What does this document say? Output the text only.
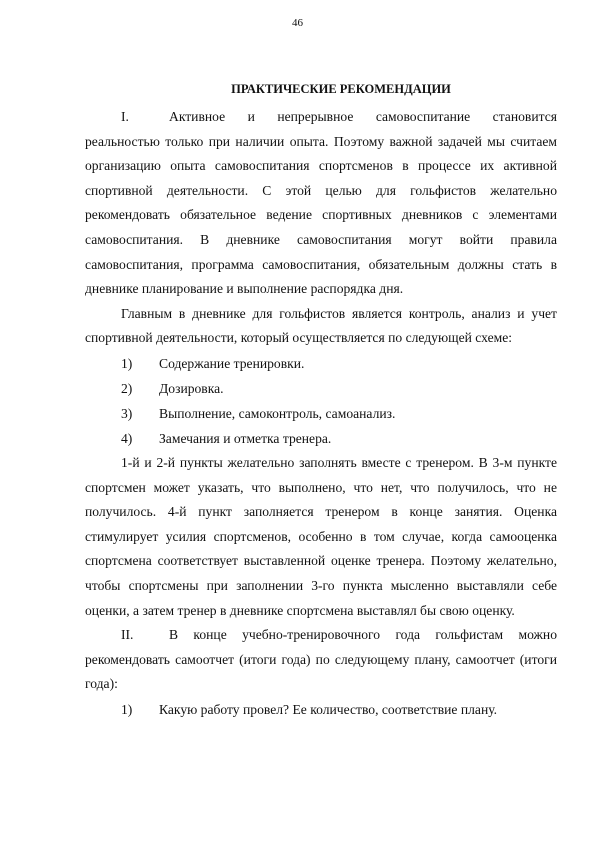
46
ПРАКТИЧЕСКИЕ РЕКОМЕНДАЦИИ

I.	Активное и непрерывное самовоспитание становится реальностью только при наличии опыта. Поэтому важной задачей мы считаем организацию опыта самовоспитания спортсменов в процессе их активной спортивной деятельности. С этой целью для гольфистов желательно рекомендовать обязательное ведение спортивных дневников с элементами самовоспитания. В дневнике самовоспитания могут войти правила самовоспитания, программа самовоспитания, обязательным должны стать в дневнике планирование и выполнение распорядка дня.

Главным в дневнике для гольфистов является контроль, анализ и учет спортивной деятельности, который осуществляется по следующей схеме:

1) Содержание тренировки.
2) Дозировка.
3) Выполнение, самоконтроль, самоанализ.
4) Замечания и отметка тренера.

1-й и 2-й пункты желательно заполнять вместе с тренером. В 3-м пункте спортсмен может указать, что выполнено, что нет, что получилось, что не получилось. 4-й пункт заполняется тренером в конце занятия. Оценка стимулирует усилия спортсменов, особенно в том случае, когда самооценка спортсмена соответствует выставленной оценке тренера. Поэтому желательно, чтобы спортсмены при заполнении 3-го пункта мысленно выставляли себе оценки, а затем тренер в дневнике спортсмена выставлял бы свою оценку.

II.	В конце учебно-тренировочного года гольфистам можно рекомендовать самоотчет (итоги года) по следующему плану, самоотчет (итоги года):

1) Какую работу провел? Ее количество, соответствие плану.
